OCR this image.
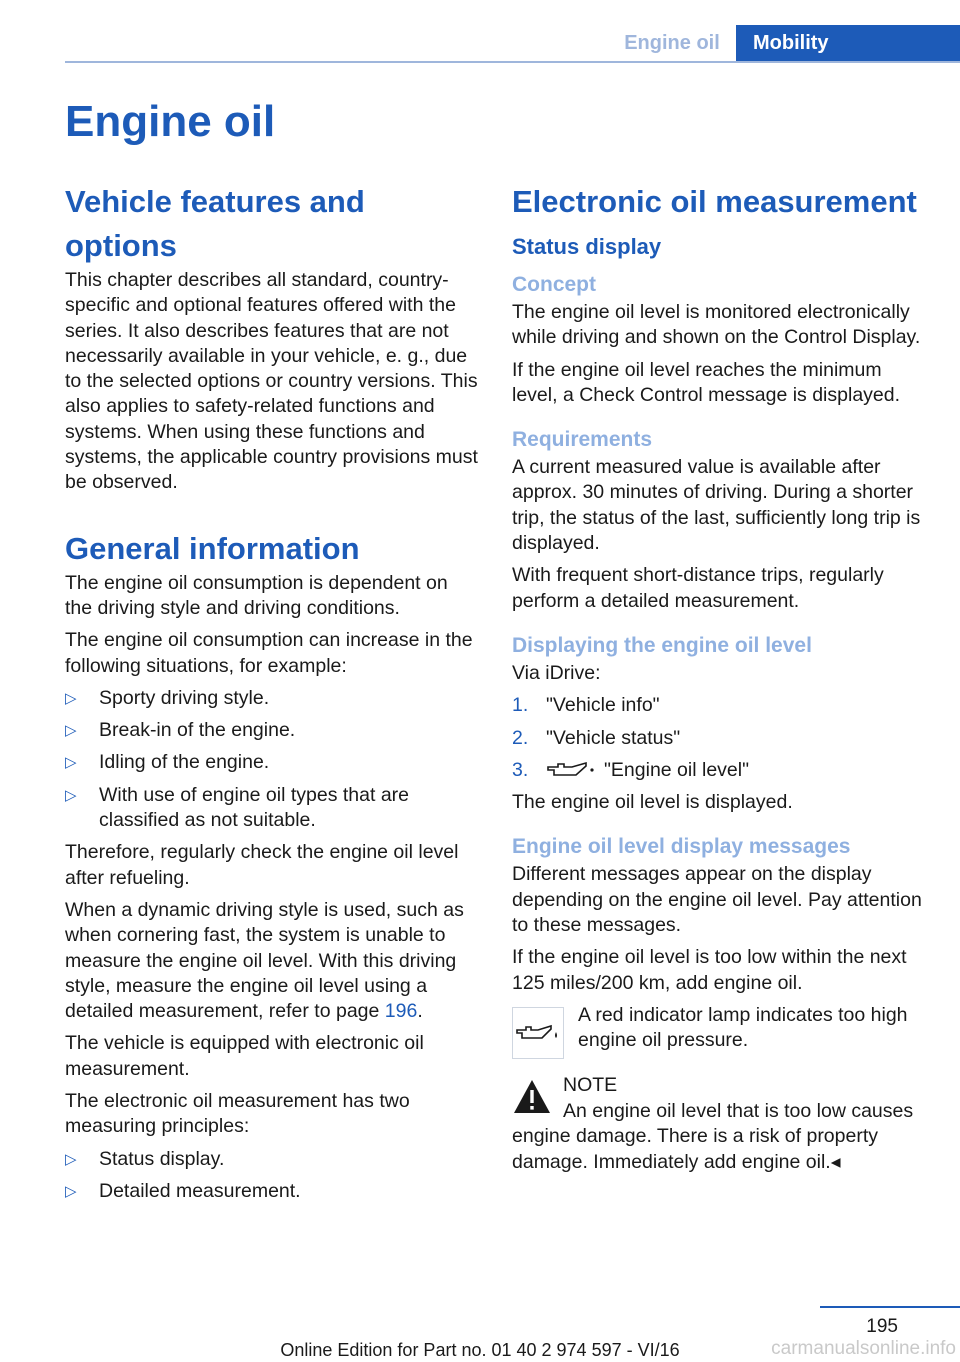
Engine oil	Mobility
Engine oil
Vehicle features and options

This chapter describes all standard, country-specific and optional features offered with the series. It also describes features that are not necessarily available in your vehicle, e. g., due to the selected options or country versions. This also applies to safety-related functions and systems. When using these functions and systems, the applicable country provisions must be observed.

General information

The engine oil consumption is dependent on the driving style and driving conditions.

The engine oil consumption can increase in the following situations, for example:

▷ Sporty driving style.
▷ Break-in of the engine.
▷ Idling of the engine.
▷ With use of engine oil types that are classified as not suitable.

Therefore, regularly check the engine oil level after refueling.

When a dynamic driving style is used, such as when cornering fast, the system is unable to measure the engine oil level. With this driving style, measure the engine oil level using a detailed measurement, refer to page 196.

The vehicle is equipped with electronic oil measurement.

The electronic oil measurement has two measuring principles:

▷ Status display.
▷ Detailed measurement.
Electronic oil measurement
Status display
Concept

The engine oil level is monitored electronically while driving and shown on the Control Display.

If the engine oil level reaches the minimum level, a Check Control message is displayed.

Requirements

A current measured value is available after approx. 30 minutes of driving. During a shorter trip, the status of the last, sufficiently long trip is displayed.

With frequent short-distance trips, regularly perform a detailed measurement.

Displaying the engine oil level

Via iDrive:

1. "Vehicle info"
2. "Vehicle status"
3.	"Engine oil level"

The engine oil level is displayed.

Engine oil level display messages

Different messages appear on the display depending on the engine oil level. Pay attention to these messages.

If the engine oil level is too low within the next 125 miles/200 km, add engine oil.

A red indicator lamp indicates too high engine oil pressure.

NOTE

An engine oil level that is too low causes engine damage. There is a risk of property damage. Immediately add engine oil.◂

195
Online Edition for Part no. 01 40 2 974 597 - VI/16	carmanualsonline.info
